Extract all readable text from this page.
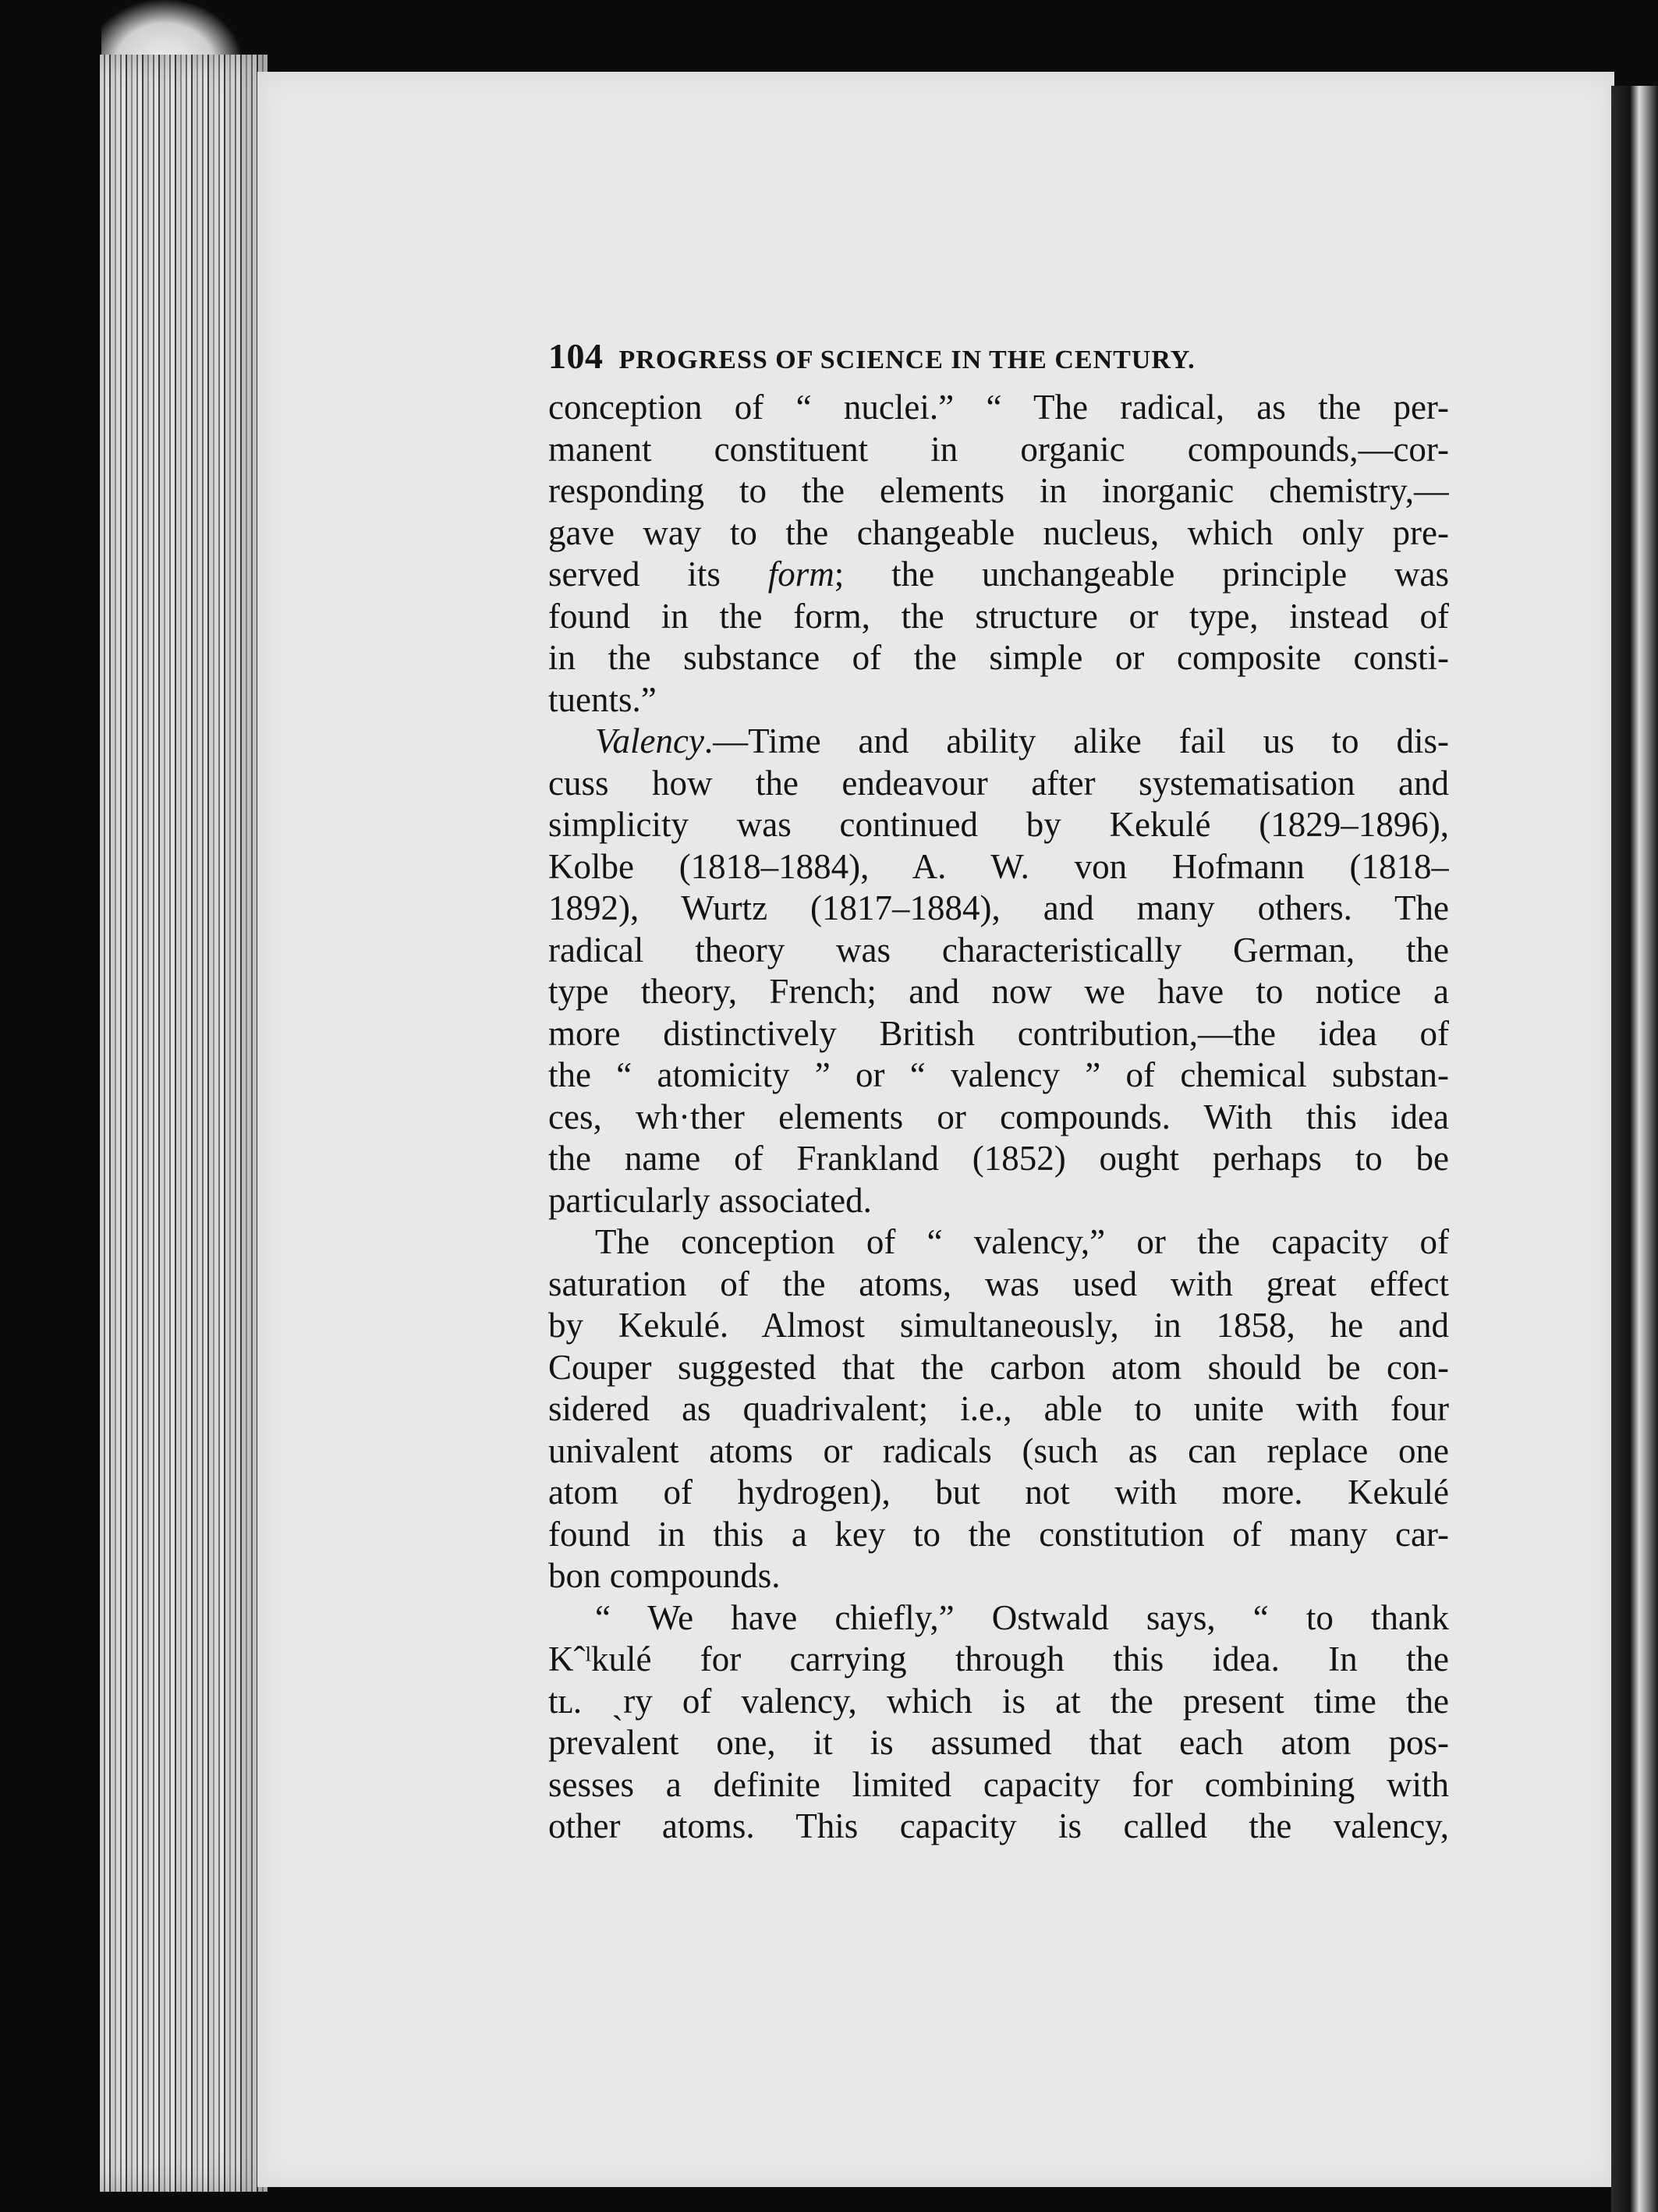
104 PROGRESS OF SCIENCE IN THE CENTURY.
conception of “ nuclei.” “ The radical, as the per-
manent constituent in organic compounds,—cor-
responding to the elements in inorganic chemistry,—
gave way to the changeable nucleus, which only pre-
served its form; the unchangeable principle was
found in the form, the structure or type, instead of
in the substance of the simple or composite consti-
tuents.”
Valency.—Time and ability alike fail us to dis-
cuss how the endeavour after systematisation and
simplicity was continued by Kekulé (1829–1896),
Kolbe (1818–1884), A. W. von Hofmann (1818–
1892), Wurtz (1817–1884), and many others. The
radical theory was characteristically German, the
type theory, French; and now we have to notice a
more distinctively British contribution,—the idea of
the “ atomicity ” or “ valency ” of chemical substan-
ces, wh·ther elements or compounds. With this idea
the name of Frankland (1852) ought perhaps to be
particularly associated.
The conception of “ valency,” or the capacity of
saturation of the atoms, was used with great effect
by Kekulé. Almost simultaneously, in 1858, he and
Couper suggested that the carbon atom should be con-
sidered as quadrivalent; i.e., able to unite with four
univalent atoms or radicals (such as can replace one
atom of hydrogen), but not with more. Kekulé
found in this a key to the constitution of many car-
bon compounds.
“ We have chiefly,” Ostwald says, “ to thank
Kˆˡkulé for carrying through this idea. In the
tʟ. ˏry of valency, which is at the present time the
prevalent one, it is assumed that each atom pos-
sesses a definite limited capacity for combining with
other atoms. This capacity is called the valency,
